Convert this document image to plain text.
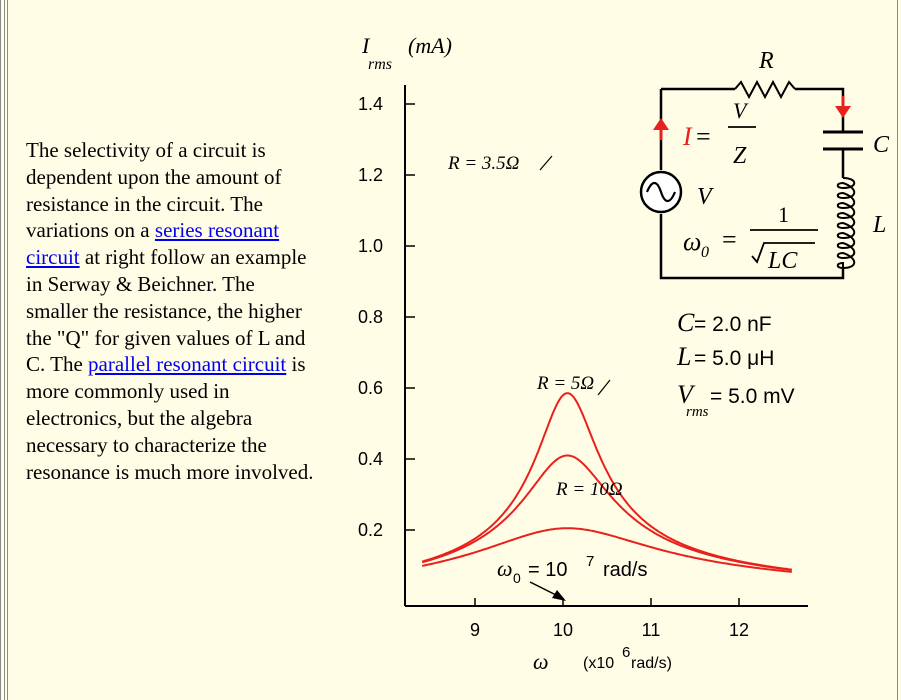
The selectivity of a circuit is dependent upon the amount of resistance in the circuit. The variations on a series resonant circuit at right follow an example in Serway & Beichner. The smaller the resistance, the higher the "Q" for given values of L and C. The parallel resonant circuit is more commonly used in electronics, but the algebra necessary to characterize the resonance is much more involved.
1.4
1.2
1.0
0.8
0.6
0.4
0.2
9	10	11	12
I
rms
(mA)
ω (x10
6
rad/s)
R = 3.5Ω
R = 5Ω
R = 10Ω
ω 0 = 10 7 rad/s
R
C
L
V
I =
V
Z
ω 0 =
1
LC
C = 2.0 nF
L = 5.0 μH
V
rms
= 5.0 mV
